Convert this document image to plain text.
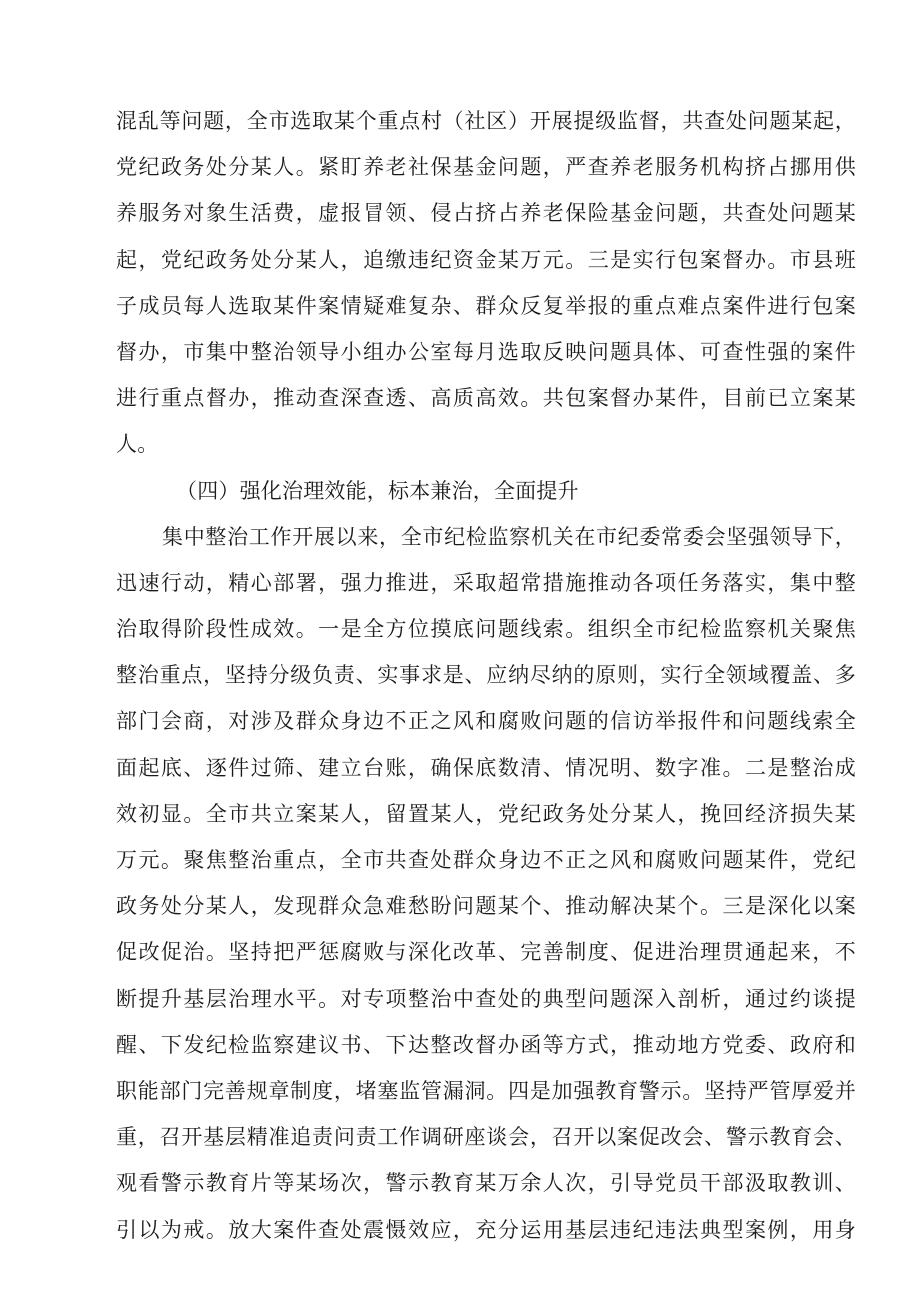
混乱等问题，全市选取某个重点村（社区）开展提级监督，共查处问题某起，
党纪政务处分某人。紧盯养老社保基金问题，严查养老服务机构挤占挪用供
养服务对象生活费，虚报冒领、侵占挤占养老保险基金问题，共查处问题某
起，党纪政务处分某人，追缴违纪资金某万元。三是实行包案督办。市县班
子成员每人选取某件案情疑难复杂、群众反复举报的重点难点案件进行包案
督办，市集中整治领导小组办公室每月选取反映问题具体、可查性强的案件
进行重点督办，推动查深查透、高质高效。共包案督办某件，目前已立案某
人。
（四）强化治理效能，标本兼治，全面提升
集中整治工作开展以来，全市纪检监察机关在市纪委常委会坚强领导下，
迅速行动，精心部署，强力推进，采取超常措施推动各项任务落实，集中整
治取得阶段性成效。一是全方位摸底问题线索。组织全市纪检监察机关聚焦
整治重点，坚持分级负责、实事求是、应纳尽纳的原则，实行全领域覆盖、多
部门会商，对涉及群众身边不正之风和腐败问题的信访举报件和问题线索全
面起底、逐件过筛、建立台账，确保底数清、情况明、数字准。二是整治成
效初显。全市共立案某人，留置某人，党纪政务处分某人，挽回经济损失某
万元。聚焦整治重点，全市共查处群众身边不正之风和腐败问题某件，党纪
政务处分某人，发现群众急难愁盼问题某个、推动解决某个。三是深化以案
促改促治。坚持把严惩腐败与深化改革、完善制度、促进治理贯通起来，不
断提升基层治理水平。对专项整治中查处的典型问题深入剖析，通过约谈提
醒、下发纪检监察建议书、下达整改督办函等方式，推动地方党委、政府和
职能部门完善规章制度，堵塞监管漏洞。四是加强教育警示。坚持严管厚爱并
重，召开基层精准追责问责工作调研座谈会，召开以案促改会、警示教育会、
观看警示教育片等某场次，警示教育某万余人次，引导党员干部汲取教训、
引以为戒。放大案件查处震慑效应，充分运用基层违纪违法典型案例，用身
